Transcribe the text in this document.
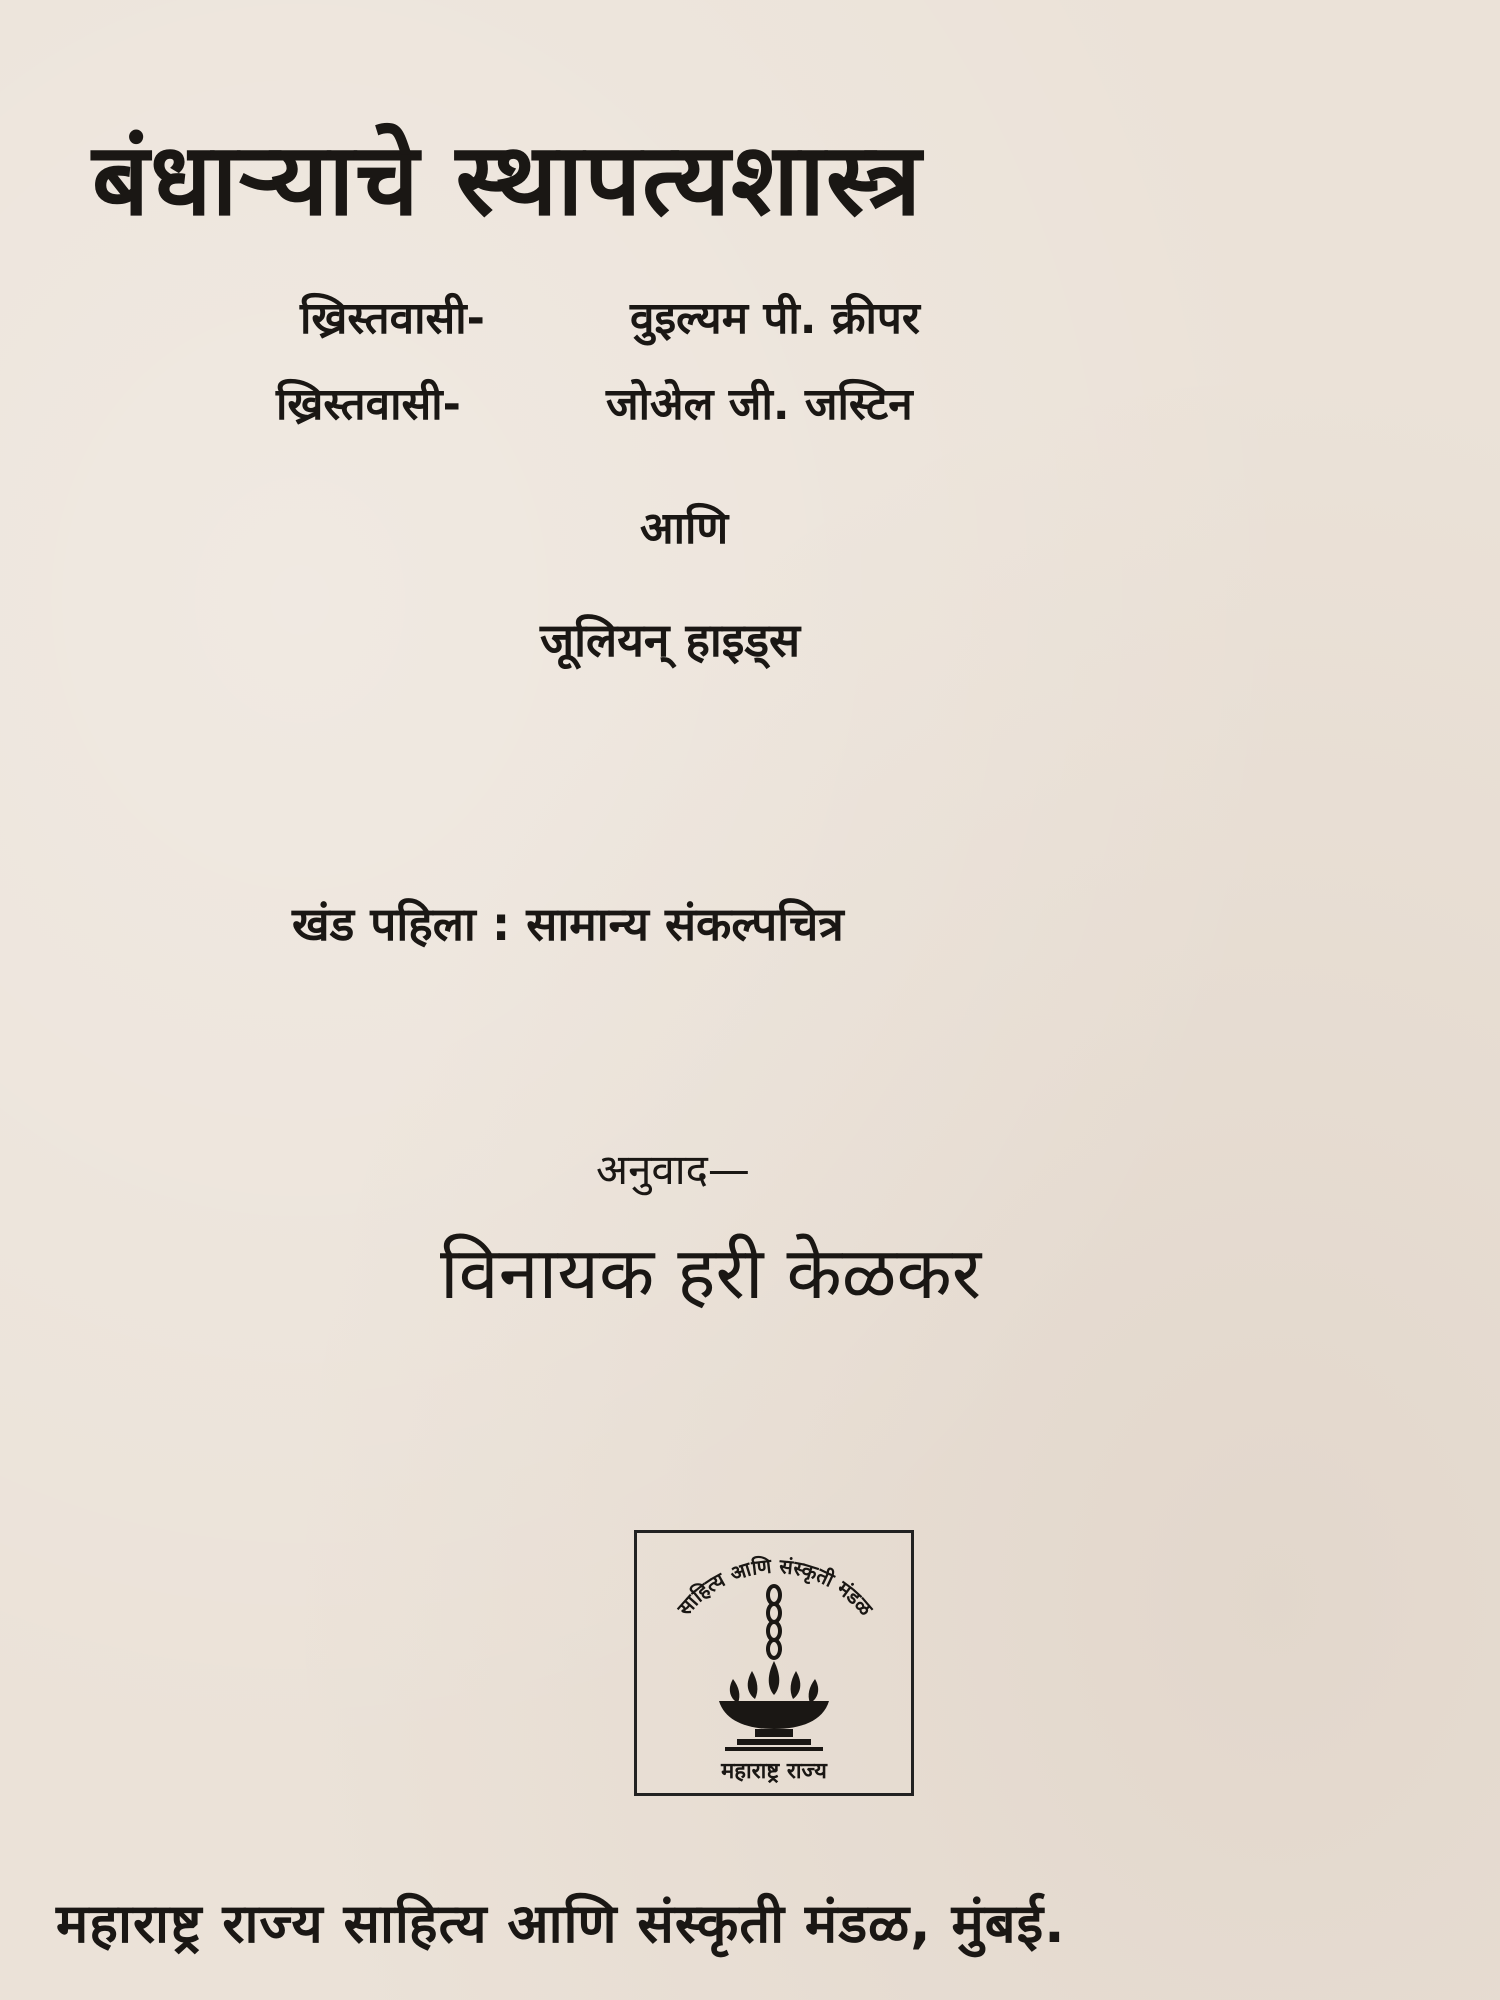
बंधाऱ्याचे स्थापत्यशास्त्र
ख्रिस्तवासी-	वुइल्यम पी. क्रीपर
ख्रिस्तवासी-	जोअेल जी. जस्टिन
आणि
जूलियन् हाइड्स
खंड पहिला : सामान्य संकल्पचित्र
अनुवाद—
विनायक हरी केळकर
साहित्य आणि संस्कृती मंडळ
महाराष्ट्र राज्य
महाराष्ट्र राज्य साहित्य आणि संस्कृती मंडळ, मुंबई.
